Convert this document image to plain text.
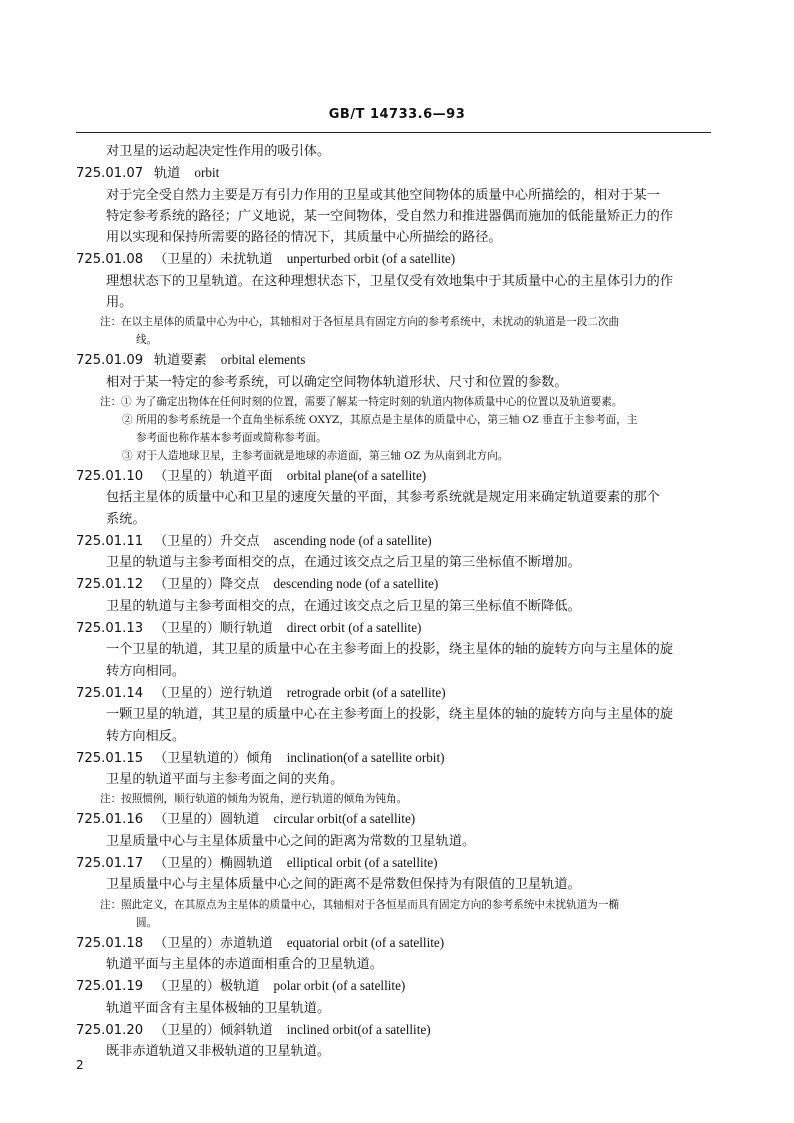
GB/T 14733.6—93
对卫星的运动起决定性作用的吸引体。
725.01.07 轨道 orbit
对于完全受自然力主要是万有引力作用的卫星或其他空间物体的质量中心所描绘的，相对于某一
特定参考系统的路径；广义地说，某一空间物体，受自然力和推进器偶而施加的低能量矫正力的作
用以实现和保持所需要的路径的情况下，其质量中心所描绘的路径。
725.01.08 （卫星的）未扰轨道 unperturbed orbit (of a satellite)
理想状态下的卫星轨道。在这种理想状态下，卫星仅受有效地集中于其质量中心的主星体引力的作
用。
注：在以主星体的质量中心为中心，其轴相对于各恒星具有固定方向的参考系统中，未扰动的轨道是一段二次曲
线。
725.01.09 轨道要素 orbital elements
相对于某一特定的参考系统，可以确定空间物体轨道形状、尺寸和位置的参数。
注：① 为了确定出物体在任何时刻的位置，需要了解某一特定时刻的轨道内物体质量中心的位置以及轨道要素。
② 所用的参考系统是一个直角坐标系统 OXYZ，其原点是主星体的质量中心，第三轴 OZ 垂直于主参考面，主
参考面也称作基本参考面或简称参考面。
③ 对于人造地球卫星，主参考面就是地球的赤道面，第三轴 OZ 为从南到北方向。
725.01.10 （卫星的）轨道平面 orbital plane(of a satellite)
包括主星体的质量中心和卫星的速度矢量的平面，其参考系统就是规定用来确定轨道要素的那个
系统。
725.01.11 （卫星的）升交点 ascending node (of a satellite)
卫星的轨道与主参考面相交的点，在通过该交点之后卫星的第三坐标值不断增加。
725.01.12 （卫星的）降交点 descending node (of a satellite)
卫星的轨道与主参考面相交的点，在通过该交点之后卫星的第三坐标值不断降低。
725.01.13 （卫星的）顺行轨道 direct orbit (of a satellite)
一个卫星的轨道，其卫星的质量中心在主参考面上的投影，绕主星体的轴的旋转方向与主星体的旋
转方向相同。
725.01.14 （卫星的）逆行轨道 retrograde orbit (of a satellite)
一颗卫星的轨道，其卫星的质量中心在主参考面上的投影，绕主星体的轴的旋转方向与主星体的旋
转方向相反。
725.01.15 （卫星轨道的）倾角 inclination(of a satellite orbit)
卫星的轨道平面与主参考面之间的夹角。
注：按照惯例，顺行轨道的倾角为锐角，逆行轨道的倾角为钝角。
725.01.16 （卫星的）圆轨道 circular orbit(of a satellite)
卫星质量中心与主星体质量中心之间的距离为常数的卫星轨道。
725.01.17 （卫星的）椭圆轨道 elliptical orbit (of a satellite)
卫星质量中心与主星体质量中心之间的距离不是常数但保持为有限值的卫星轨道。
注：照此定义，在其原点为主星体的质量中心，其轴相对于各恒星而具有固定方向的参考系统中未扰轨道为一椭
圆。
725.01.18 （卫星的）赤道轨道 equatorial orbit (of a satellite)
轨道平面与主星体的赤道面相重合的卫星轨道。
725.01.19 （卫星的）极轨道 polar orbit (of a satellite)
轨道平面含有主星体极轴的卫星轨道。
725.01.20 （卫星的）倾斜轨道 inclined orbit(of a satellite)
既非赤道轨道又非极轨道的卫星轨道。
2
